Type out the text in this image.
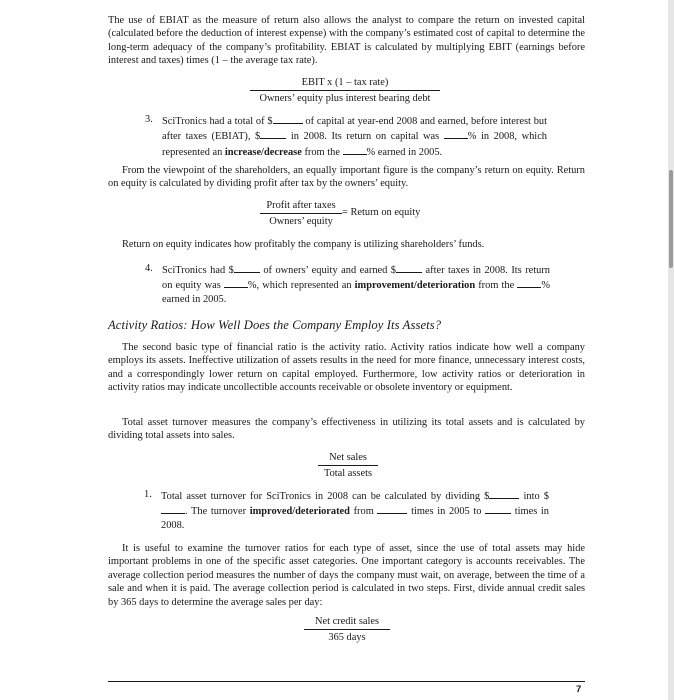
The use of EBIAT as the measure of return also allows the analyst to compare the return on invested capital (calculated before the deduction of interest expense) with the company’s estimated cost of capital to determine the long-term adequacy of the company’s profitability. EBIAT is calculated by multiplying EBIT (earnings before interest and taxes) times (1 – the average tax rate).

EBIT x (1 – tax rate)
Owners’ equity plus interest bearing debt
3. SciTronics had a total of $	of capital at year-end 2008 and earned, before interest but after taxes (EBIAT), $	in 2008. Its return on capital was % in 2008, which represented an increase/decrease from the % earned in 2005.

From the viewpoint of the shareholders, an equally important figure is the company’s return on equity. Return on equity is calculated by dividing profit after tax by the owners’ equity.

Profit after taxes
Owners’ equity
= Return on equity

Return on equity indicates how profitably the company is utilizing shareholders’ funds.

4. SciTronics had $	of owners’ equity and earned $	after taxes in 2008. Its return on equity was %, which represented an improvement/deterioration from the % earned in 2005.
Activity Ratios: How Well Does the Company Employ Its Assets?

The second basic type of financial ratio is the activity ratio. Activity ratios indicate how well a company employs its assets. Ineffective utilization of assets results in the need for more finance, unnecessary interest costs, and a correspondingly lower return on capital employed. Furthermore, low activity ratios or deterioration in activity ratios may indicate uncollectible accounts receivable or obsolete inventory or equipment.

Total asset turnover measures the company’s effectiveness in utilizing its total assets and is calculated by dividing total assets into sales.

Net sales
Total assets
1. Total asset turnover for SciTronics in 2008 can be calculated by dividing $	into $. The turnover improved/deteriorated from	times in 2005 to	times in 2008.

It is useful to examine the turnover ratios for each type of asset, since the use of total assets may hide important problems in one of the specific asset categories. One important category is accounts receivables. The average collection period measures the number of days the company must wait, on average, between the time of a sale and when it is paid. The average collection period is calculated in two steps. First, divide annual credit sales by 365 days to determine the average sales per day:

Net credit sales
365 days
7
